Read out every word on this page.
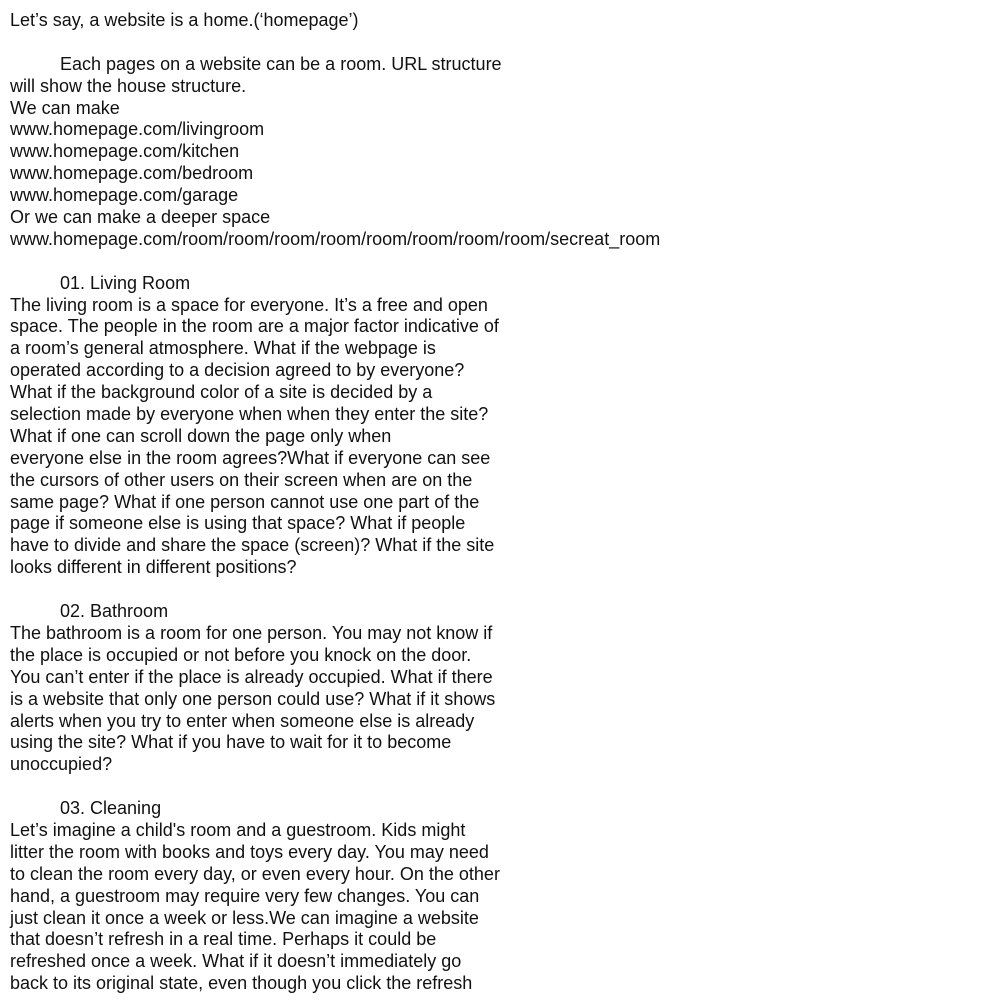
Let’s say, a website is a home.(‘homepage’)
Each pages on a website can be a room. URL structure
will show the house structure.
We can make
www.homepage.com/livingroom
www.homepage.com/kitchen
www.homepage.com/bedroom
www.homepage.com/garage
Or we can make a deeper space
www.homepage.com/room/room/room/room/room/room/room/room/secreat_room
01. Living Room
The living room is a space for everyone. It’s a free and open
space. The people in the room are a major factor indicative of
a room’s general atmosphere. What if the webpage is
operated according to a decision agreed to by everyone?
What if the background color of a site is decided by a
selection made by everyone when when they enter the site?
What if one can scroll down the page only when
everyone else in the room agrees?What if everyone can see
the cursors of other users on their screen when are on the
same page? What if one person cannot use one part of the
page if someone else is using that space? What if people
have to divide and share the space (screen)? What if the site
looks different in different positions?
02. Bathroom
The bathroom is a room for one person. You may not know if
the place is occupied or not before you knock on the door.
You can’t enter if the place is already occupied. What if there
is a website that only one person could use? What if it shows
alerts when you try to enter when someone else is already
using the site? What if you have to wait for it to become
unoccupied?
03. Cleaning
Let’s imagine a child's room and a guestroom. Kids might
litter the room with books and toys every day. You may need
to clean the room every day, or even every hour. On the other
hand, a guestroom may require very few changes. You can
just clean it once a week or less.We can imagine a website
that doesn’t refresh in a real time. Perhaps it could be
refreshed once a week. What if it doesn’t immediately go
back to its original state, even though you click the refresh
